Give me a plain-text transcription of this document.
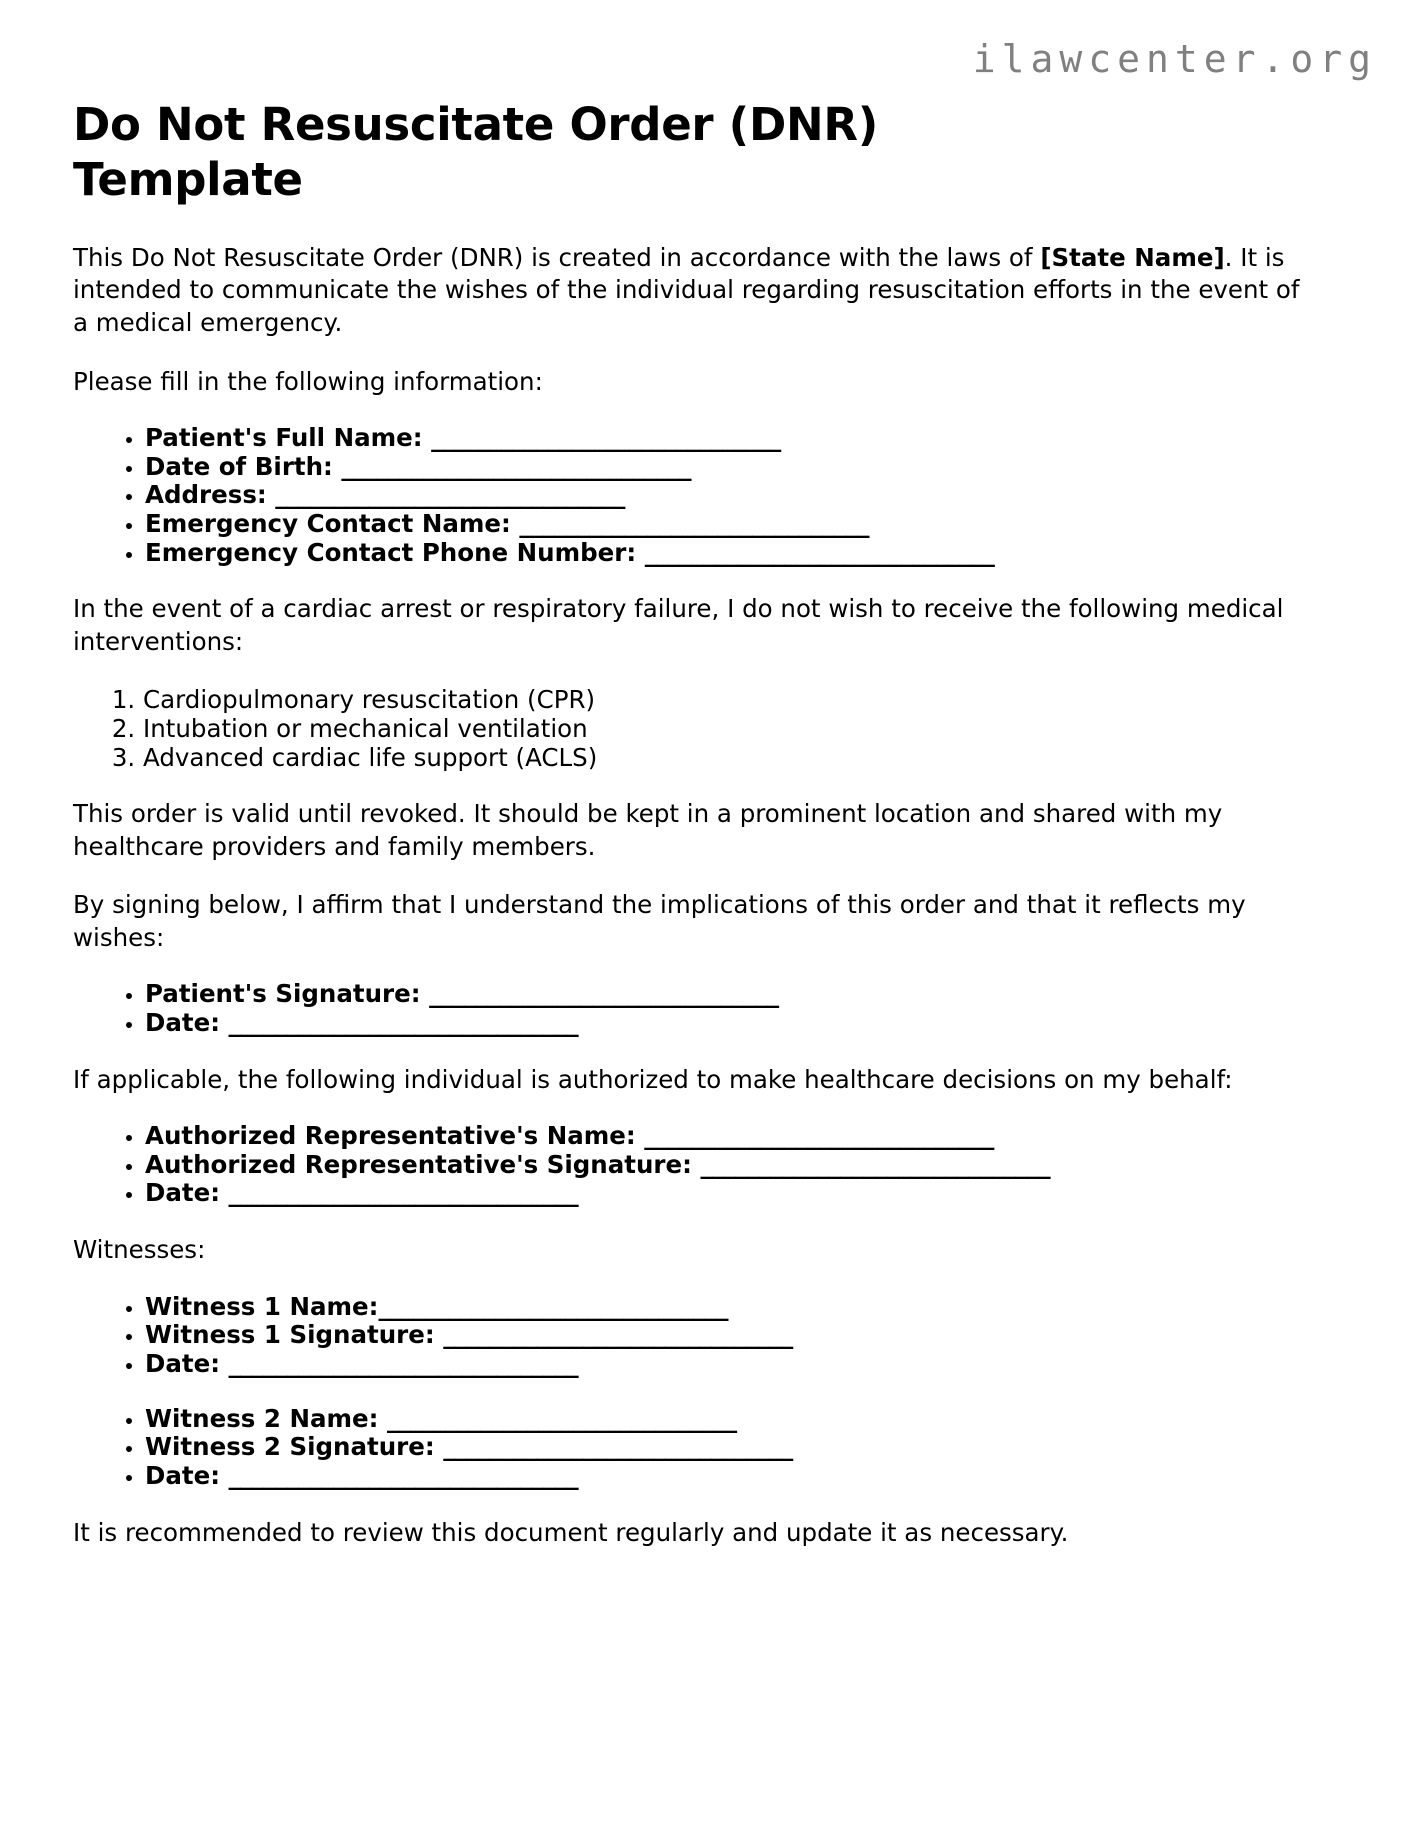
ilawcenter.org
Do Not Resuscitate Order (DNR) Template

This Do Not Resuscitate Order (DNR) is created in accordance with the laws of [State Name]. It is intended to communicate the wishes of the individual regarding resuscitation efforts in the event of a medical emergency.

Please fill in the following information:

• Patient's Full Name: ______________________________
• Date of Birth: ______________________________
• Address: ______________________________
• Emergency Contact Name: ______________________________
• Emergency Contact Phone Number: ______________________________

In the event of a cardiac arrest or respiratory failure, I do not wish to receive the following medical interventions:

1. Cardiopulmonary resuscitation (CPR)
2. Intubation or mechanical ventilation
3. Advanced cardiac life support (ACLS)

This order is valid until revoked. It should be kept in a prominent location and shared with my healthcare providers and family members.

By signing below, I affirm that I understand the implications of this order and that it reflects my wishes:

• Patient's Signature: ______________________________
• Date: ______________________________

If applicable, the following individual is authorized to make healthcare decisions on my behalf:

• Authorized Representative's Name: ______________________________
• Authorized Representative's Signature: ______________________________
• Date: ______________________________

Witnesses:

• Witness 1 Name:______________________________
• Witness 1 Signature: ______________________________
• Date: ______________________________
• Witness 2 Name: ______________________________
• Witness 2 Signature: ______________________________
• Date: ______________________________

It is recommended to review this document regularly and update it as necessary.
